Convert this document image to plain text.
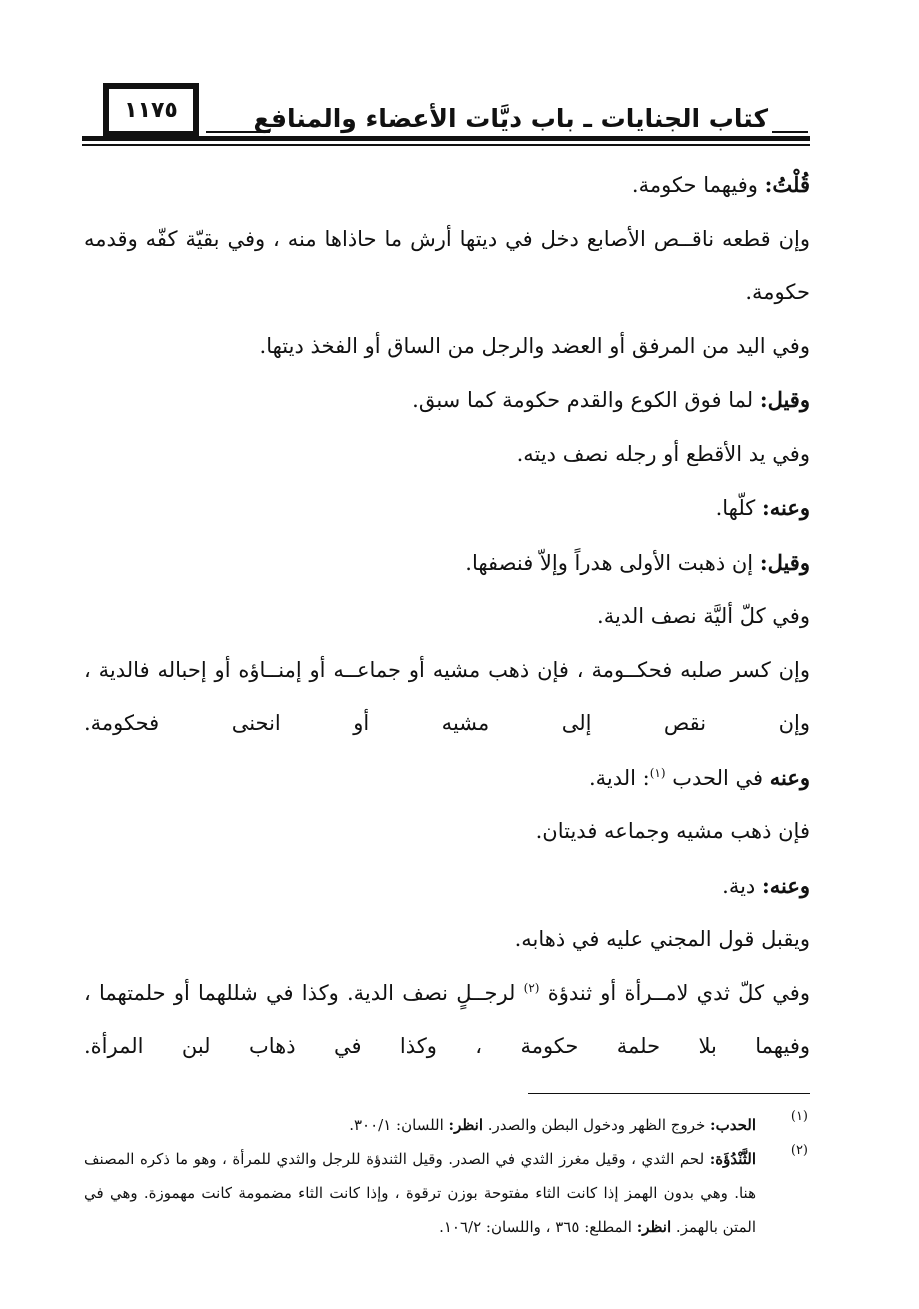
١١٧٥	كتاب الجنايات ـ باب ديَّات الأعضاء والمنافع

قُلْتُ: وفيهما حكومة.

وإن قطعه ناقــص الأصابع دخل في ديتها أرش ما حاذاها منه ، وفي بقيّة كفّه وقدمه حكومة.

وفي اليد من المرفق أو العضد والرجل من الساق أو الفخذ ديتها.

وقيل: لما فوق الكوع والقدم حكومة كما سبق.

وفي يد الأقطع أو رجله نصف ديته.

وعنه: كلّها.

وقيل: إن ذهبت الأولى هدراً وإلاّ فنصفها.

وفي كلّ أليَّة نصف الدية.

وإن كسر صلبه فحكــومة ، فإن ذهب مشيه أو جماعــه أو إمنــاؤه أو إحباله فالدية ، وإن نقص إلى مشيه أو انحنى فحكومة.

وعنه في الحدب $^{(١)}$: الدية.

فإن ذهب مشيه وجماعه فديتان.

وعنه: دية.

ويقبل قول المجني عليه في ذهابه.

وفي كلّ ثدي لامــرأة أو ثندؤة $^{(٢)}$ لرجــلٍ نصف الدية. وكذا في شللهما أو حلمتهما ، وفيهما بلا حلمة حكومة ، وكذا في ذهاب لبن المرأة.

(١)

الحدب: خروج الظهر ودخول البطن والصدر. انظر: اللسان: ٣٠٠/١.

(٢)

الثَّنْدُؤَة: لحم الثدي ، وقيل مغرز الثدي في الصدر. وقيل الثندؤة للرجل والثدي للمرأة ، وهو ما ذكره المصنف هنا. وهي بدون الهمز إذا كانت الثاء مفتوحة بوزن ترقوة ، وإذا كانت الثاء مضمومة كانت مهموزة. وهي في المتن بالهمز. انظر: المطلع: ٣٦٥ ، واللسان: ١٠٦/٢.
